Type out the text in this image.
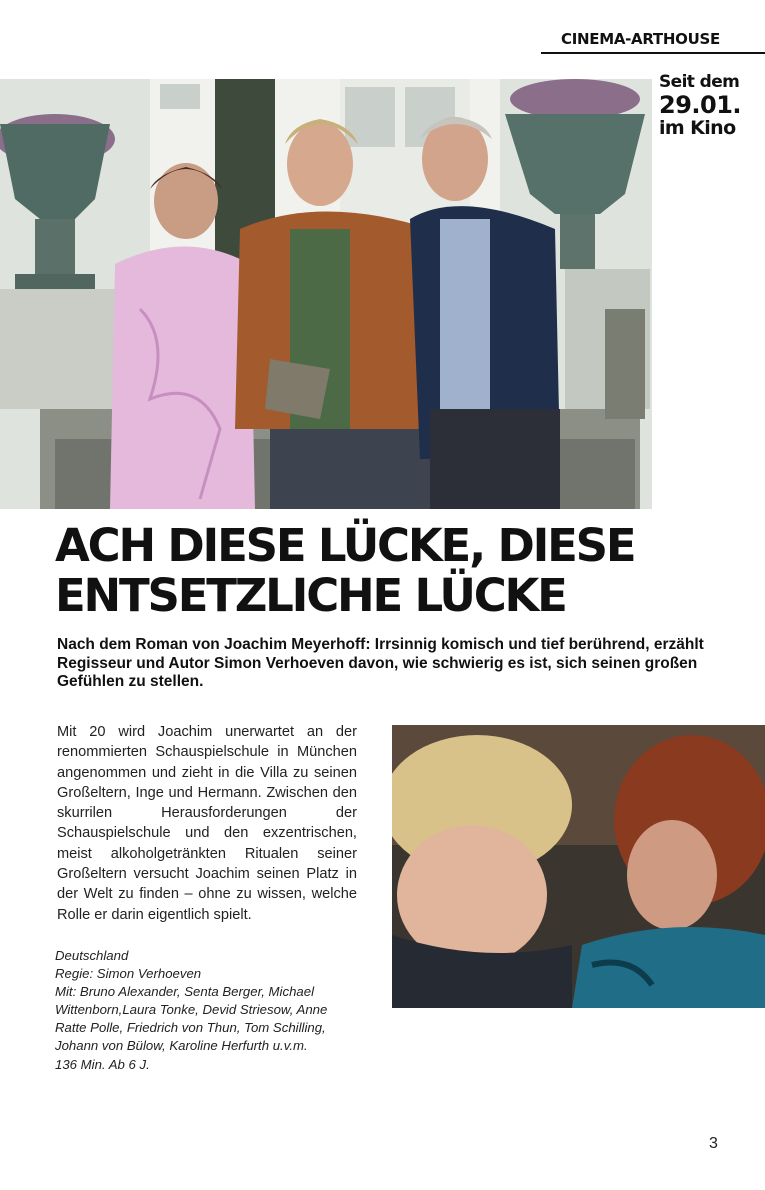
CINEMA-ARTHOUSE
Seit dem
29.01.
im Kino
ACH DIESE LÜCKE, DIESE ENTSETZLICHE LÜCKE

Nach dem Roman von Joachim Meyerhoff: Irrsinnig komisch und tief berührend, erzählt Regisseur und Autor Simon Verhoeven davon, wie schwierig es ist, sich seinen großen Gefühlen zu stellen.

Mit 20 wird Joachim unerwartet an der renommierten Schauspielschule in München angenommen und zieht in die Villa zu seinen Großeltern, Inge und Hermann. Zwischen den skurrilen Herausforderungen der Schauspielschule und den exzentrischen, meist alkoholgetränkten Ritualen seiner Großeltern versucht Joachim seinen Platz in der Welt zu finden – ohne zu wissen, welche Rolle er darin eigentlich spielt.

Deutschland
Regie: Simon Verhoeven
Mit: Bruno Alexander, Senta Berger, Michael Wittenborn,Laura Tonke, Devid Striesow, Anne Ratte Polle, Friedrich von Thun, Tom Schilling, Johann von Bülow, Karoline Herfurth u.v.m.
136 Min. Ab 6 J.
3
